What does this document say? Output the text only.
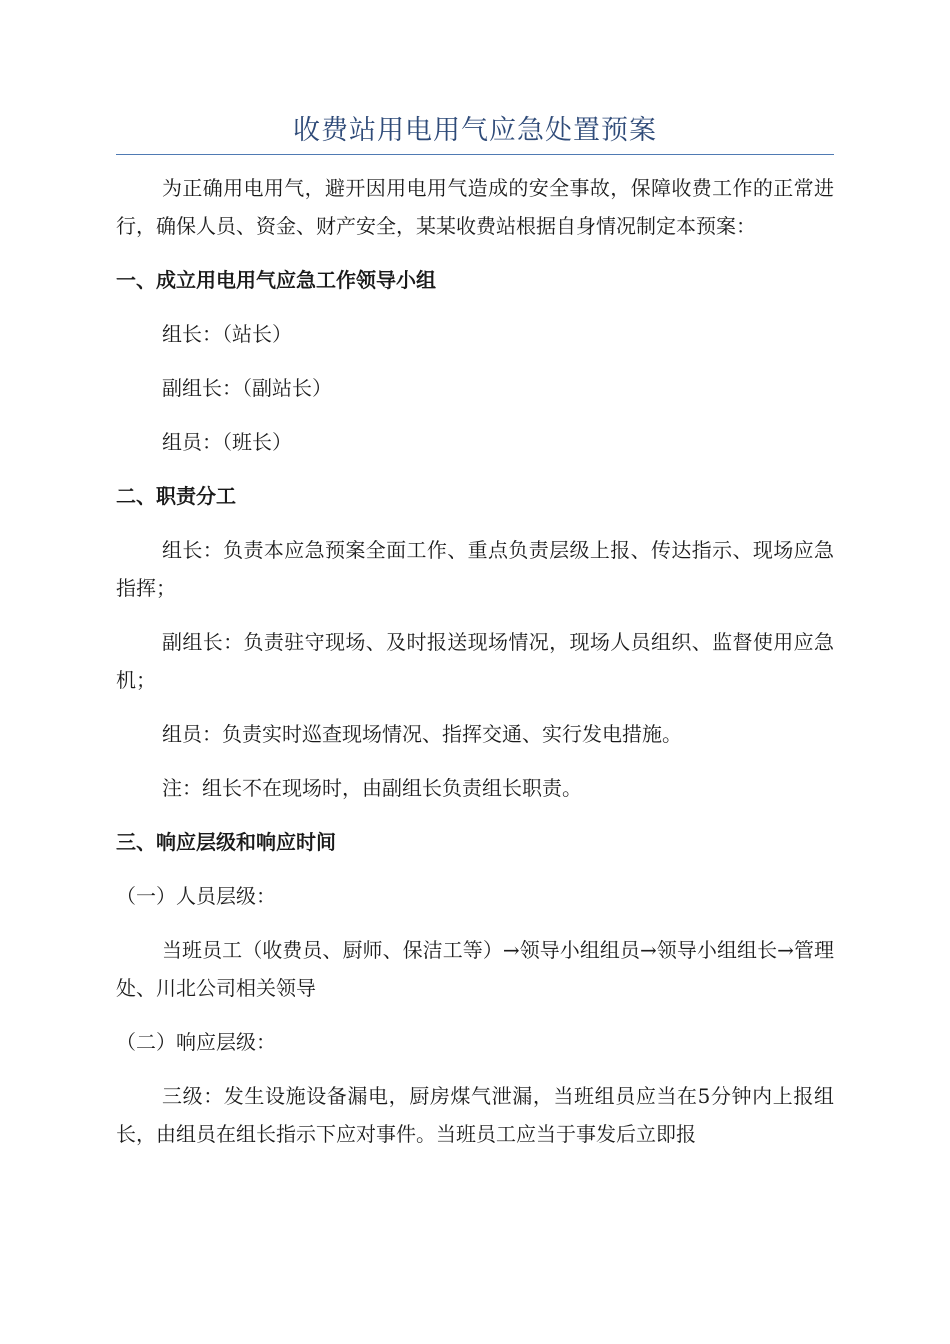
收费站用电用气应急处置预案

为正确用电用气，避开因用电用气造成的安全事故，保障收费工作的正常进行，确保人员、资金、财产安全，某某收费站根据自身情况制定本预案：

一、成立用电用气应急工作领导小组

组长：（站长）

副组长：（副站长）

组员：（班长）

二、职责分工

组长：负责本应急预案全面工作、重点负责层级上报、传达指示、现场应急指挥；

副组长：负责驻守现场、及时报送现场情况，现场人员组织、监督使用应急机；

组员：负责实时巡查现场情况、指挥交通、实行发电措施。

注：组长不在现场时，由副组长负责组长职责。

三、响应层级和响应时间

（一）人员层级：

当班员工（收费员、厨师、保洁工等）→领导小组组员→领导小组组长→管理处、川北公司相关领导

（二）响应层级：

三级：发生设施设备漏电，厨房煤气泄漏，当班组员应当在5分钟内上报组长，由组员在组长指示下应对事件。当班员工应当于事发后立即报
